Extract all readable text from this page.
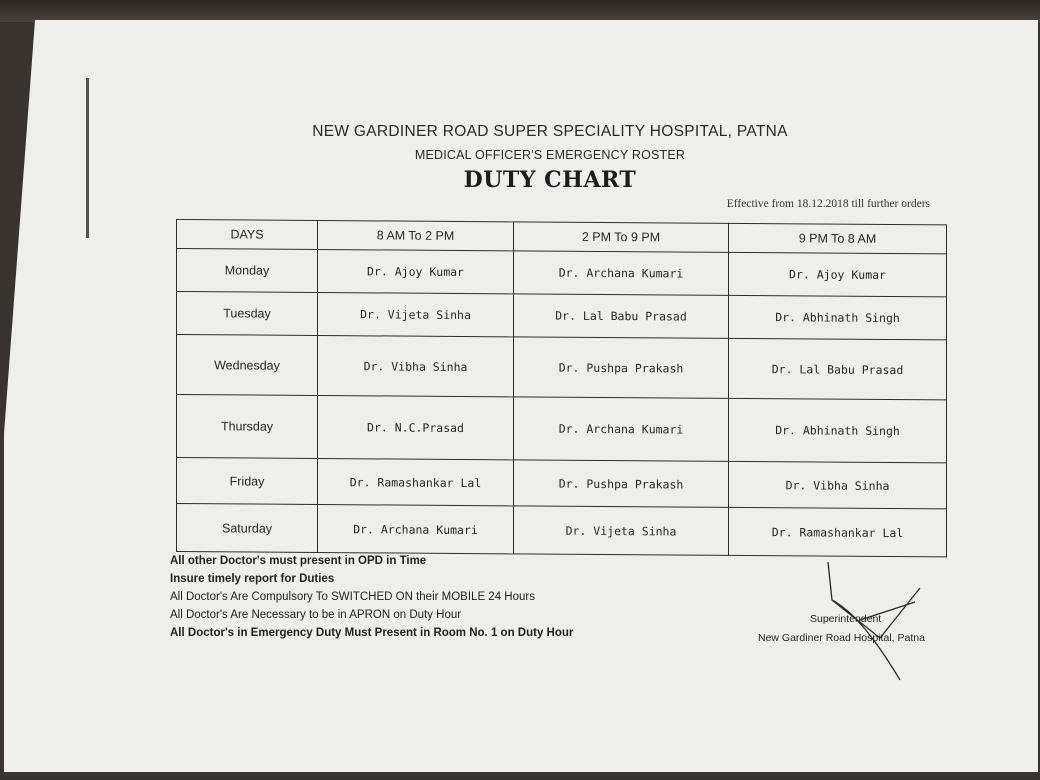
NEW GARDINER ROAD SUPER SPECIALITY HOSPITAL, PATNA
MEDICAL OFFICER'S EMERGENCY ROSTER
DUTY CHART
Effective from 18.12.2018 till further orders
DAYS	8 AM To 2 PM	2 PM To 9 PM	9 PM To 8 AM
Monday	Dr. Ajoy Kumar	Dr. Archana Kumari	Dr. Ajoy Kumar
Tuesday	Dr. Vijeta Sinha	Dr. Lal Babu Prasad	Dr. Abhinath Singh
Wednesday	Dr. Vibha Sinha	Dr. Pushpa Prakash	Dr. Lal Babu Prasad
Thursday	Dr. N.C.Prasad	Dr. Archana Kumari	Dr. Abhinath Singh
Friday	Dr. Ramashankar Lal	Dr. Pushpa Prakash	Dr. Vibha Sinha
Saturday	Dr. Archana Kumari	Dr. Vijeta Sinha	Dr. Ramashankar Lal
All other Doctor's must present in OPD in Time
Insure timely report for Duties
All Doctor's Are Compulsory To SWITCHED ON their MOBILE 24 Hours
All Doctor's Are Necessary to be in APRON on Duty Hour
All Doctor's in Emergency Duty Must Present in Room No. 1 on Duty Hour
Superintendent
New Gardiner Road Hospital, Patna
